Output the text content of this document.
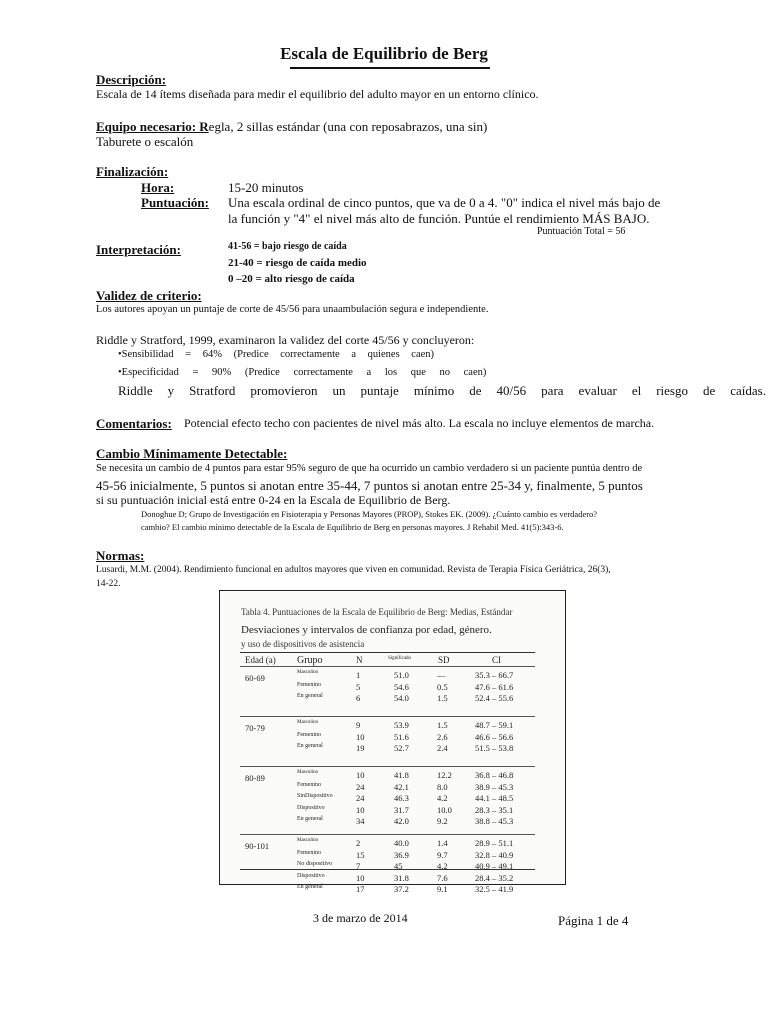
Escala de Equilibrio de Berg
Descripción:
Escala de 14 ítems diseñada para medir el equilibrio del adulto mayor en un entorno clínico.
Equipo necesario: Regla, 2 sillas estándar (una con reposabrazos, una sin)
Taburete o escalón
Finalización:
Hora:	15-20 minutos
Puntuación: Una escala ordinal de cinco puntos, que va de 0 a 4. "0" indica el nivel más bajo de
la función y "4" el nivel más alto de función. Puntúe el rendimiento MÁS BAJO.
Puntuación Total = 56
Interpretación:	41-56 = bajo riesgo de caída
21-40 = riesgo de caída medio
0 –20 = alto riesgo de caída
Validez de criterio:
Los autores apoyan un puntaje de corte de 45/56 para unaambulación segura e independiente.
Riddle y Stratford, 1999, examinaron la validez del corte 45/56 y concluyeron:
•Sensibilidad = 64% (Predice correctamente a quienes caen)
•Especificidad = 90% (Predice correctamente a los que no caen)
Riddle y Stratford promovieron un puntaje mínimo de 40/56 para evaluar el riesgo de caídas.
Comentarios: Potencial efecto techo con pacientes de nivel más alto. La escala no incluye elementos de marcha.
Cambio Mínimamente Detectable:
Se necesita un cambio de 4 puntos para estar 95% seguro de que ha ocurrido un cambio verdadero si un paciente puntúa dentro de
45-56 inicialmente, 5 puntos si anotan entre 35-44, 7 puntos si anotan entre 25-34 y, finalmente, 5 puntos
si su puntuación inicial está entre 0-24 en la Escala de Equilibrio de Berg.
Donoghue D; Grupo de Investigación en Fisioterapia y Personas Mayores (PROP), Stokes EK. (2009). ¿Cuánto cambio es verdadero?
cambio? El cambio mínimo detectable de la Escala de Equilibrio de Berg en personas mayores. J Rehabil Med. 41(5):343-6.
Normas:
Lusardi, M.M. (2004). Rendimiento funcional en adultos mayores que viven en comunidad. Revista de Terapia Física Geriátrica, 26(3),
14-22.
Tabla 4. Puntuaciones de la Escala de Equilibrio de Berg: Medias, Estándar
Desviaciones y intervalos de confianza por edad, género.
y uso de dispositivos de asistencia
Edad (a) Grupo	N	Significado	SD	CI
60-69
Masculino	1	51.0	—	35.3 – 66.7
Femenino	5	54.6	0.5	47.6 – 61.6
En general	6	54.0	1.5	52.4 – 55.6
70-79
Masculino	9	53.9	1.5	48.7 – 59.1
Femenino	10	51.6	2.6	46.6 – 56.6
En general	19	52.7	2.4	51.5 – 53.8
80-89
Masculino	10	41.8	12.2	36.8 – 46.8
Femenino	24	42.1	8.0	38.9 – 45.3
SinDispositivo	24	46.3	4.2	44.1 – 48.5
Dispositivo	10	31.7	10.0	28.3 – 35.1
En general	34	42.0	9.2	38.8 – 45.3
90-101
Masculino	2	40.0	1.4	28.9 – 51.1
Femenino	15	36.9	9.7	32.8 – 40.9
No dispositivo	7	45	4.2	40.9 – 49.1
Dispositivo	10	31.8	7.6	28.4 – 35.2
En general	17	37.2	9.1	32.5 – 41.9
3 de marzo de 2014	Página 1 de 4
